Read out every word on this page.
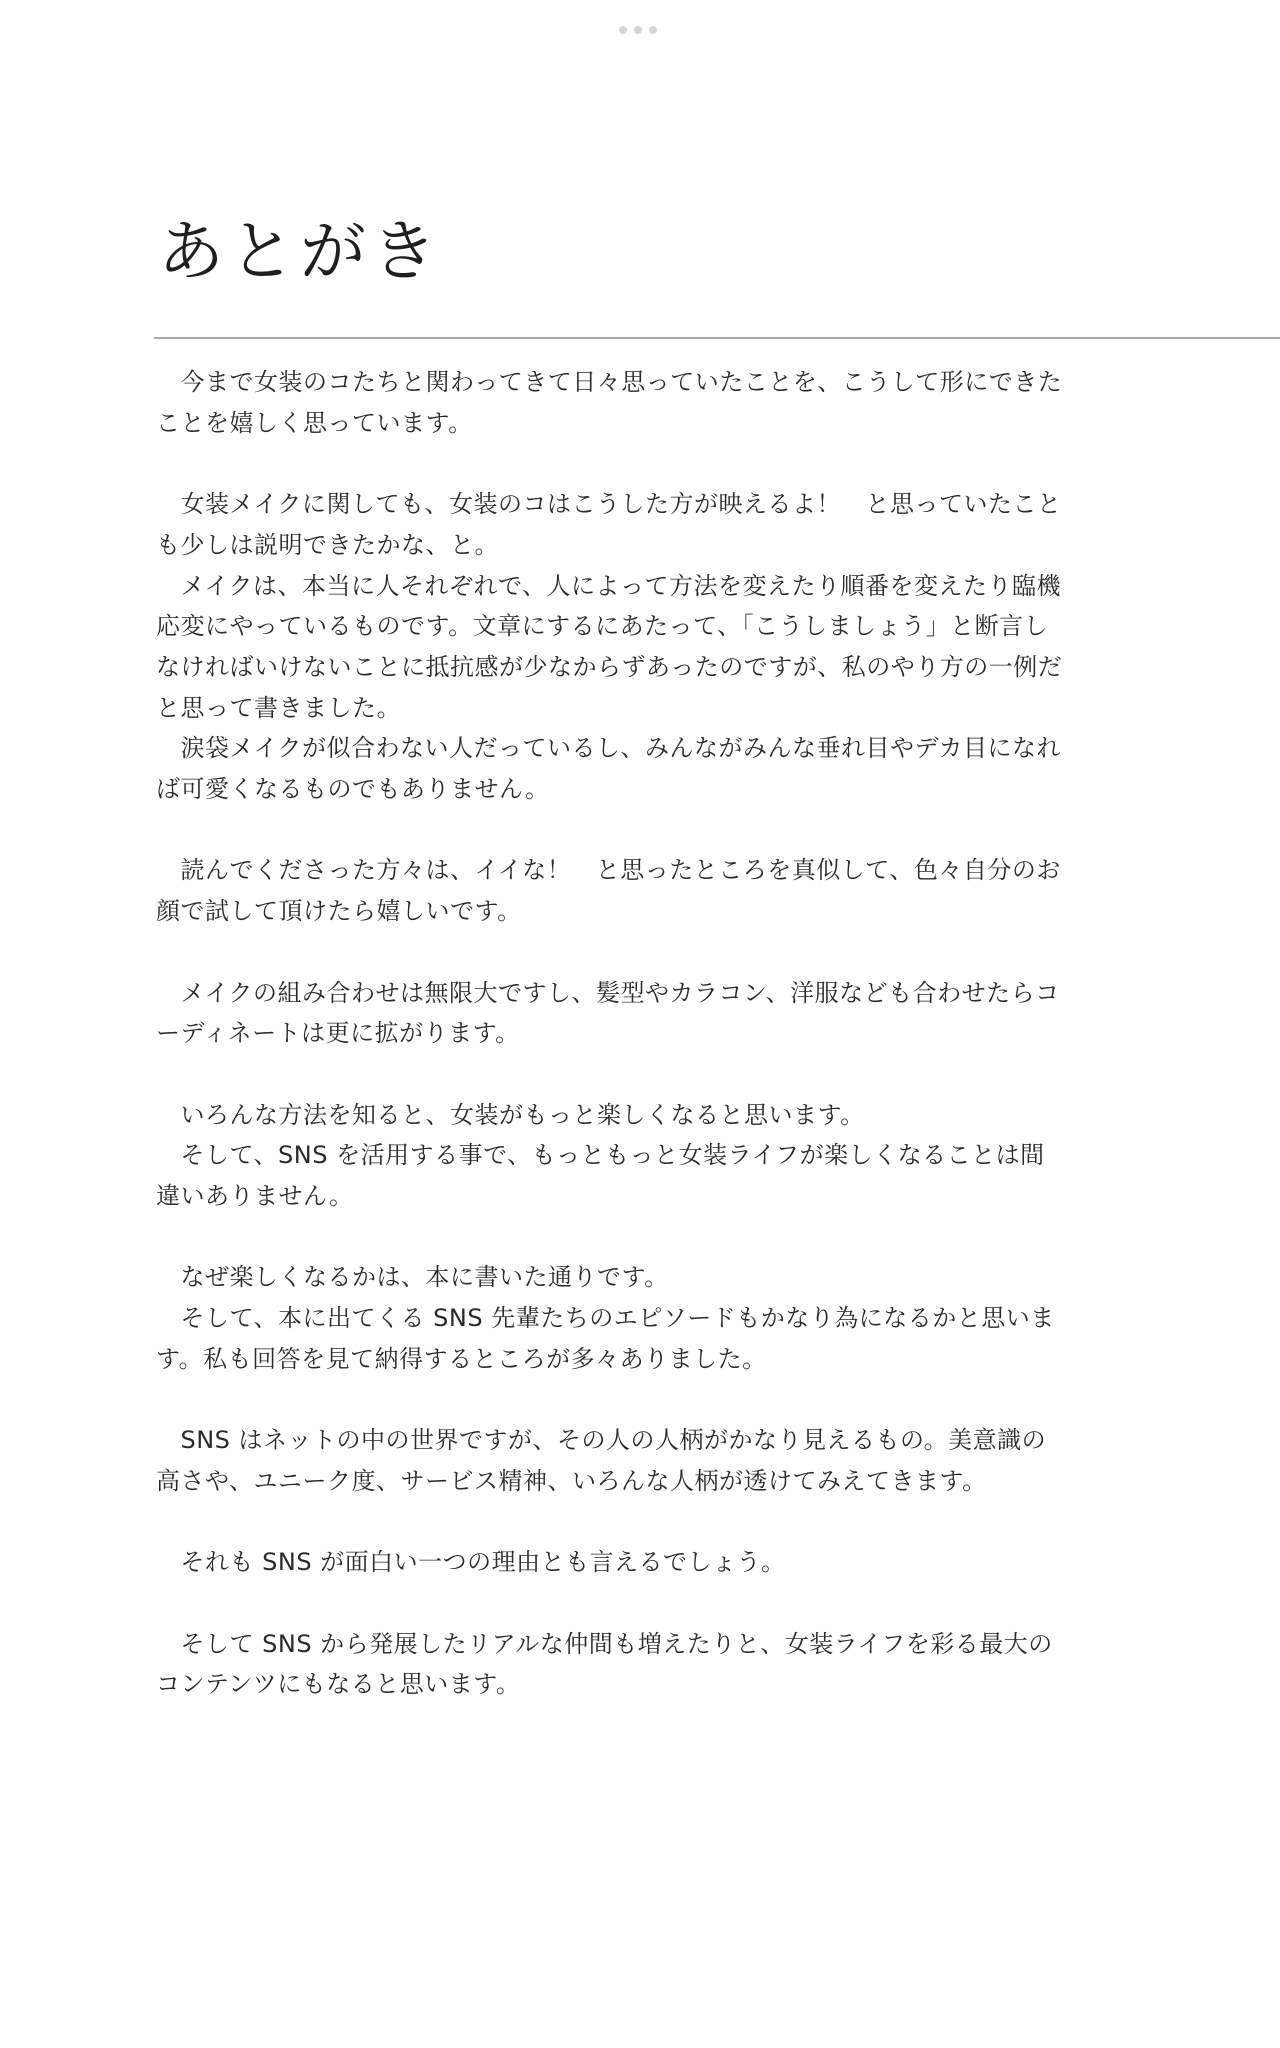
あとがき

　今まで女装のコたちと関わってきて日々思っていたことを、こうして形にできた
ことを嬉しく思っています。

　女装メイクに関しても、女装のコはこうした方が映えるよ！　と思っていたこと
も少しは説明できたかな、と。

　メイクは、本当に人それぞれで、人によって方法を変えたり順番を変えたり臨機
応変にやっているものです。文章にするにあたって、「こうしましょう」と断言し
なければいけないことに抵抗感が少なからずあったのですが、私のやり方の一例だ
と思って書きました。

　涙袋メイクが似合わない人だっているし、みんながみんな垂れ目やデカ目になれ
ば可愛くなるものでもありません。

　読んでくださった方々は、イイな！　と思ったところを真似して、色々自分のお
顔で試して頂けたら嬉しいです。

　メイクの組み合わせは無限大ですし、髪型やカラコン、洋服なども合わせたらコ
ーディネートは更に拡がります。

　いろんな方法を知ると、女装がもっと楽しくなると思います。

　そして、SNS を活用する事で、もっともっと女装ライフが楽しくなることは間
違いありません。

　なぜ楽しくなるかは、本に書いた通りです。

　そして、本に出てくる SNS 先輩たちのエピソードもかなり為になるかと思いま
す。私も回答を見て納得するところが多々ありました。

　SNS はネットの中の世界ですが、その人の人柄がかなり見えるもの。美意識の
高さや、ユニーク度、サービス精神、いろんな人柄が透けてみえてきます。

　それも SNS が面白い一つの理由とも言えるでしょう。

　そして SNS から発展したリアルな仲間も増えたりと、女装ライフを彩る最大の
コンテンツにもなると思います。
